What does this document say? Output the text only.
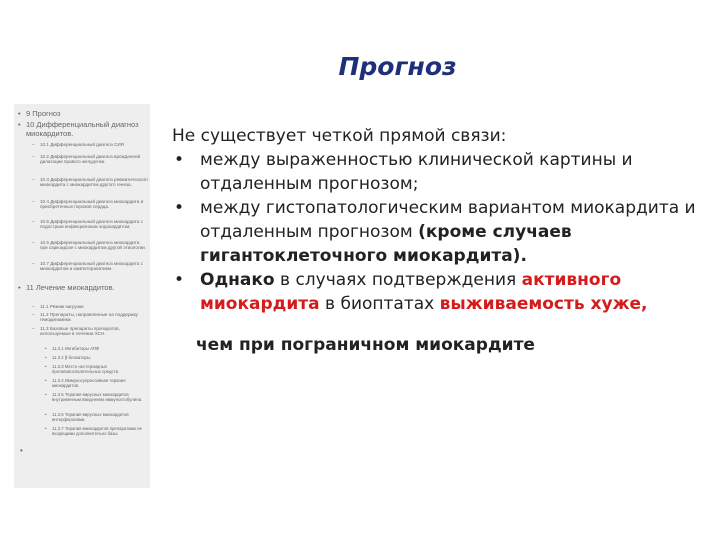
Прогноз
• 9 Прогноз
• 10 Дифференциальный диагноз миокардитов.
– 10.1 Дифференциальный диагноз СИЯ
– 10.2 Дифференциальный диагноз врожденной дилатации правого желудочка
– 10.3 Дифференциальный диагноз ревматического миокардита с миокардитом другого генеза.
– 10.4 Дифференциальный диагноз миокардита и приобретенных пороков сердца.
– 10.5 Дифференциальный диагноз миокардита с подострым инфекционным эндокардитом.
– 10.6 Дифференциальный диагноз миокардита при саркоидозе с миокардитом другой этиологии.
– 10.7 Дифференциальный диагноз миокардита с миокардитом и кампотерапатием.
• 11 Лечение миокардитов.
– 11.1 Режим нагрузки
– 11.2 Препараты, направленные на поддержку гемодинамики.
– 11.3 Базовые препараты препаратов, используемые в лечении ХСН.
• 11.3.1 Ингибиторы АПФ
• 11.3.2 β-блокаторы.
• 11.3.3 Место нестероидных противовоспалительных средств.
• 11.3.4 Иммуносупрессивная терапия миокардитов.
• 11.3.5 Терапия вирусных миокардитов внутривенным введением иммуноглобулина.
• 11.3.6 Терапия вирусных миокардитов интерферонами.
• 11.3.7 Терапия миокардитов препаратами не входящими дополнительно базы.
•

Не существует четкой прямой связи:

• между выраженностью клинической картины и отдаленным прогнозом;

• между гистопатологическим вариантом миокардита и отдаленным прогнозом (кроме случаев гигантоклеточного миокардита).

• Однако в случаях подтверждения активного миокардита в биоптатах выживаемость хуже,

чем при пограничном миокардите
